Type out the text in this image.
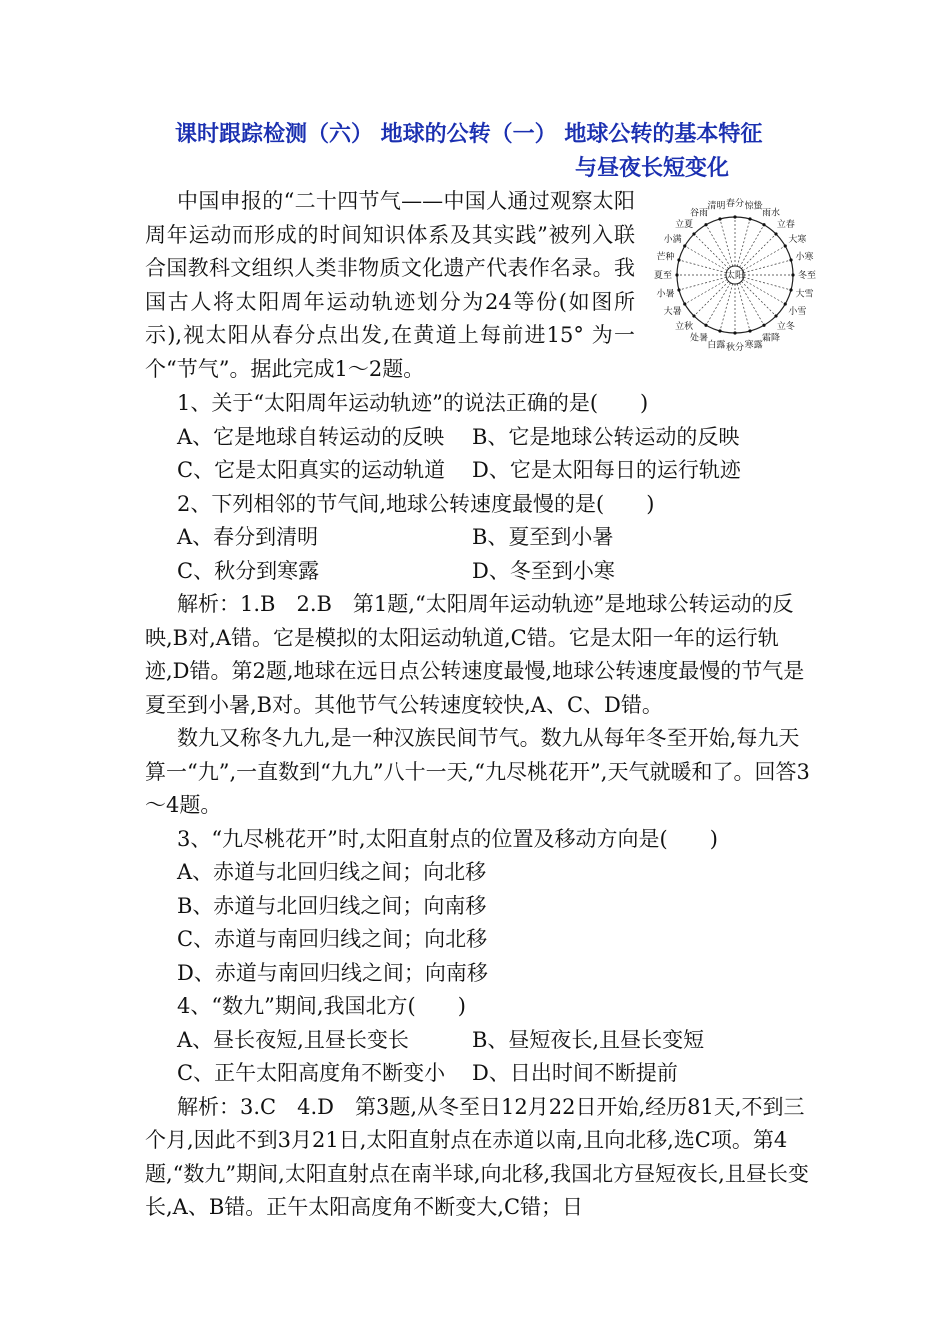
课时跟踪检测（六） 地球的公转（一） 地球公转的基本特征
与昼夜长短变化

中国申报的“二十四节气——中国人通过观察太阳周年运动而形成的时间知识体系及其实践”被列入联合国教科文组织人类非物质文化遗产代表作名录。我国古人将太阳周年运动轨迹划分为24等份(如图所示),视太阳从春分点出发,在黄道上每前进15° 为一个“节气”。据此完成1～2题。

春分 惊蛰
雨水
立春
大寒
小寒
冬至
大雪
小雪
立冬
霜降
寒露
秋分
白露
处暑
立秋
大暑
小暑
夏至
芒种
小满
立夏
谷雨
清明
太阳

1、关于“太阳周年运动轨迹”的说法正确的是(　　)

A、它是地球自转运动的反映	B、它是地球公转运动的反映
C、它是太阳真实的运动轨道	D、它是太阳每日的运行轨迹

2、下列相邻的节气间,地球公转速度最慢的是(　　)

A、春分到清明	B、夏至到小暑
C、秋分到寒露	D、冬至到小寒

解析：1.B　2.B　第1题,“太阳周年运动轨迹”是地球公转运动的反映,B对,A错。它是模拟的太阳运动轨道,C错。它是太阳一年的运行轨迹,D错。第2题,地球在远日点公转速度最慢,地球公转速度最慢的节气是夏至到小暑,B对。其他节气公转速度较快,A、C、D错。

数九又称冬九九,是一种汉族民间节气。数九从每年冬至开始,每九天算一“九”,一直数到“九九”八十一天,“九尽桃花开”,天气就暖和了。回答3～4题。

3、“九尽桃花开”时,太阳直射点的位置及移动方向是(　　)

A、赤道与北回归线之间；向北移

B、赤道与北回归线之间；向南移

C、赤道与南回归线之间；向北移

D、赤道与南回归线之间；向南移

4、“数九”期间,我国北方(　　)

A、昼长夜短,且昼长变长	B、昼短夜长,且昼长变短
C、正午太阳高度角不断变小	D、日出时间不断提前

解析：3.C　4.D　第3题,从冬至日12月22日开始,经历81天,不到三个月,因此不到3月21日,太阳直射点在赤道以南,且向北移,选C项。第4题,“数九”期间,太阳直射点在南半球,向北移,我国北方昼短夜长,且昼长变长,A、B错。正午太阳高度角不断变大,C错；日
